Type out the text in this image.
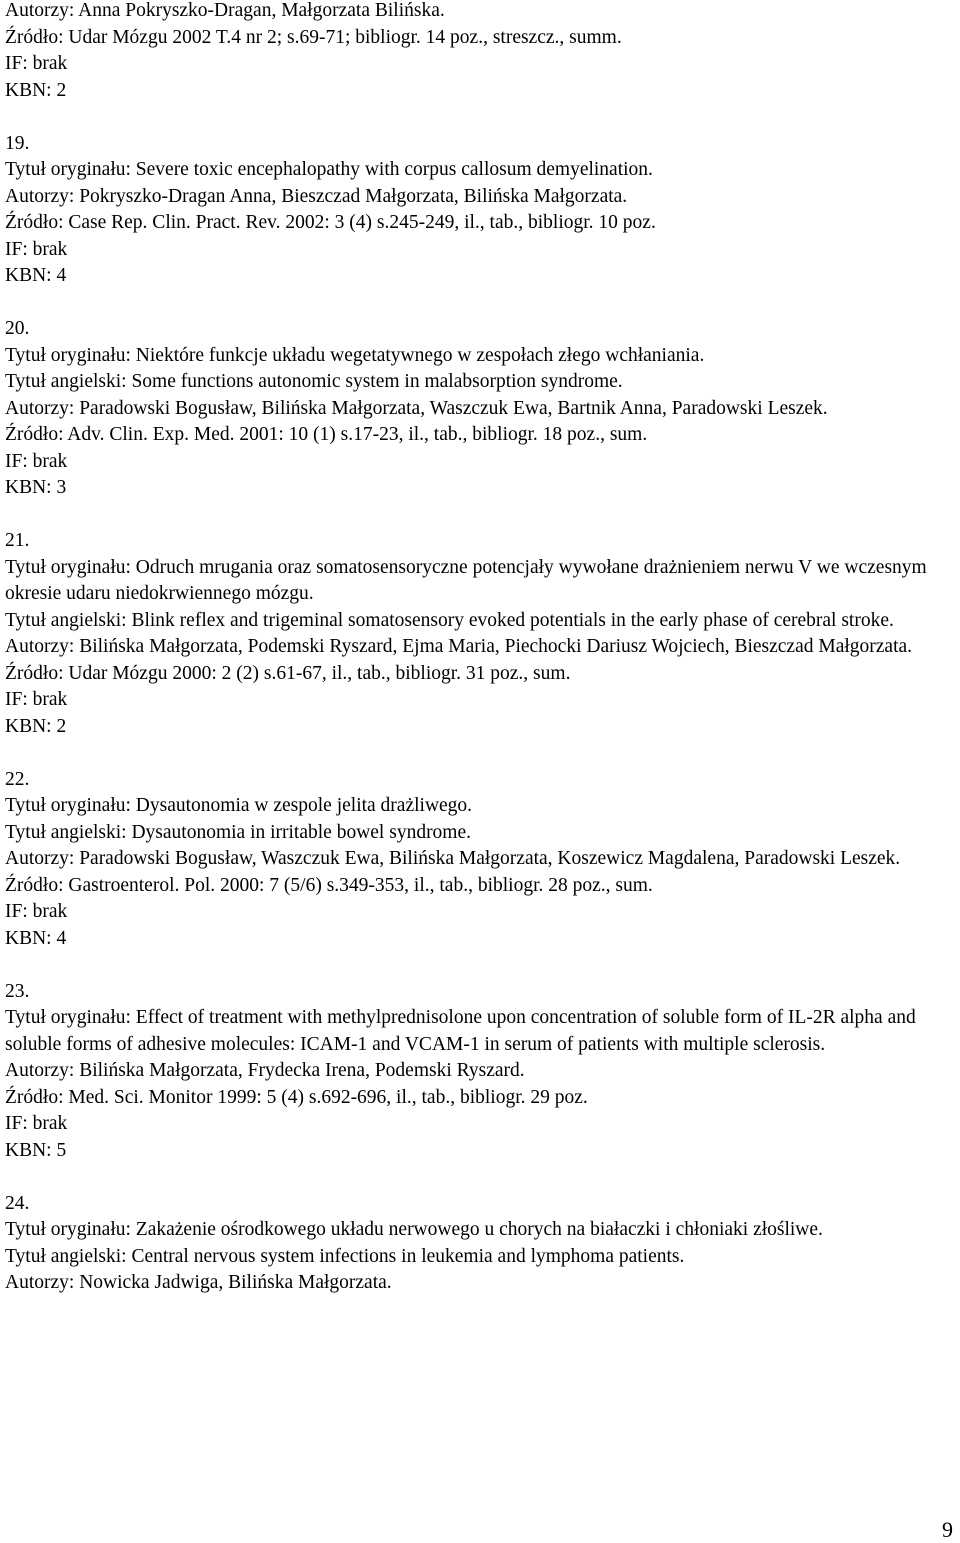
Autorzy: Anna Pokryszko-Dragan, Małgorzata Bilińska.
Źródło: Udar Mózgu 2002 T.4 nr 2; s.69-71; bibliogr. 14 poz., streszcz., summ.
IF: brak
KBN: 2
19.
Tytuł oryginału: Severe toxic encephalopathy with corpus callosum demyelination.
Autorzy: Pokryszko-Dragan Anna, Bieszczad Małgorzata, Bilińska Małgorzata.
Źródło: Case Rep. Clin. Pract. Rev. 2002: 3 (4) s.245-249, il., tab., bibliogr. 10 poz.
IF: brak
KBN: 4
20.
Tytuł oryginału: Niektóre funkcje układu wegetatywnego w zespołach złego wchłaniania.
Tytuł angielski: Some functions autonomic system in malabsorption syndrome.
Autorzy: Paradowski Bogusław, Bilińska Małgorzata, Waszczuk Ewa, Bartnik Anna, Paradowski Leszek.
Źródło: Adv. Clin. Exp. Med. 2001: 10 (1) s.17-23, il., tab., bibliogr. 18 poz., sum.
IF: brak
KBN: 3
21.
Tytuł oryginału: Odruch mrugania oraz somatosensoryczne potencjały wywołane drażnieniem nerwu V we wczesnym okresie udaru niedokrwiennego mózgu.
Tytuł angielski: Blink reflex and trigeminal somatosensory evoked potentials in the early phase of cerebral stroke.
Autorzy: Bilińska Małgorzata, Podemski Ryszard, Ejma Maria, Piechocki Dariusz Wojciech, Bieszczad Małgorzata.
Źródło: Udar Mózgu 2000: 2 (2) s.61-67, il., tab., bibliogr. 31 poz., sum.
IF: brak
KBN: 2
22.
Tytuł oryginału: Dysautonomia w zespole jelita drażliwego.
Tytuł angielski: Dysautonomia in irritable bowel syndrome.
Autorzy: Paradowski Bogusław, Waszczuk Ewa, Bilińska Małgorzata, Koszewicz Magdalena, Paradowski Leszek.
Źródło: Gastroenterol. Pol. 2000: 7 (5/6) s.349-353, il., tab., bibliogr. 28 poz., sum.
IF: brak
KBN: 4
23.
Tytuł oryginału: Effect of treatment with methylprednisolone upon concentration of soluble form of IL-2R alpha and soluble forms of adhesive molecules: ICAM-1 and VCAM-1 in serum of patients with multiple sclerosis.
Autorzy: Bilińska Małgorzata, Frydecka Irena, Podemski Ryszard.
Źródło: Med. Sci. Monitor 1999: 5 (4) s.692-696, il., tab., bibliogr. 29 poz.
IF: brak
KBN: 5
24.
Tytuł oryginału: Zakażenie ośrodkowego układu nerwowego u chorych na białaczki i chłoniaki złośliwe.
Tytuł angielski: Central nervous system infections in leukemia and lymphoma patients.
Autorzy: Nowicka Jadwiga, Bilińska Małgorzata.
9
